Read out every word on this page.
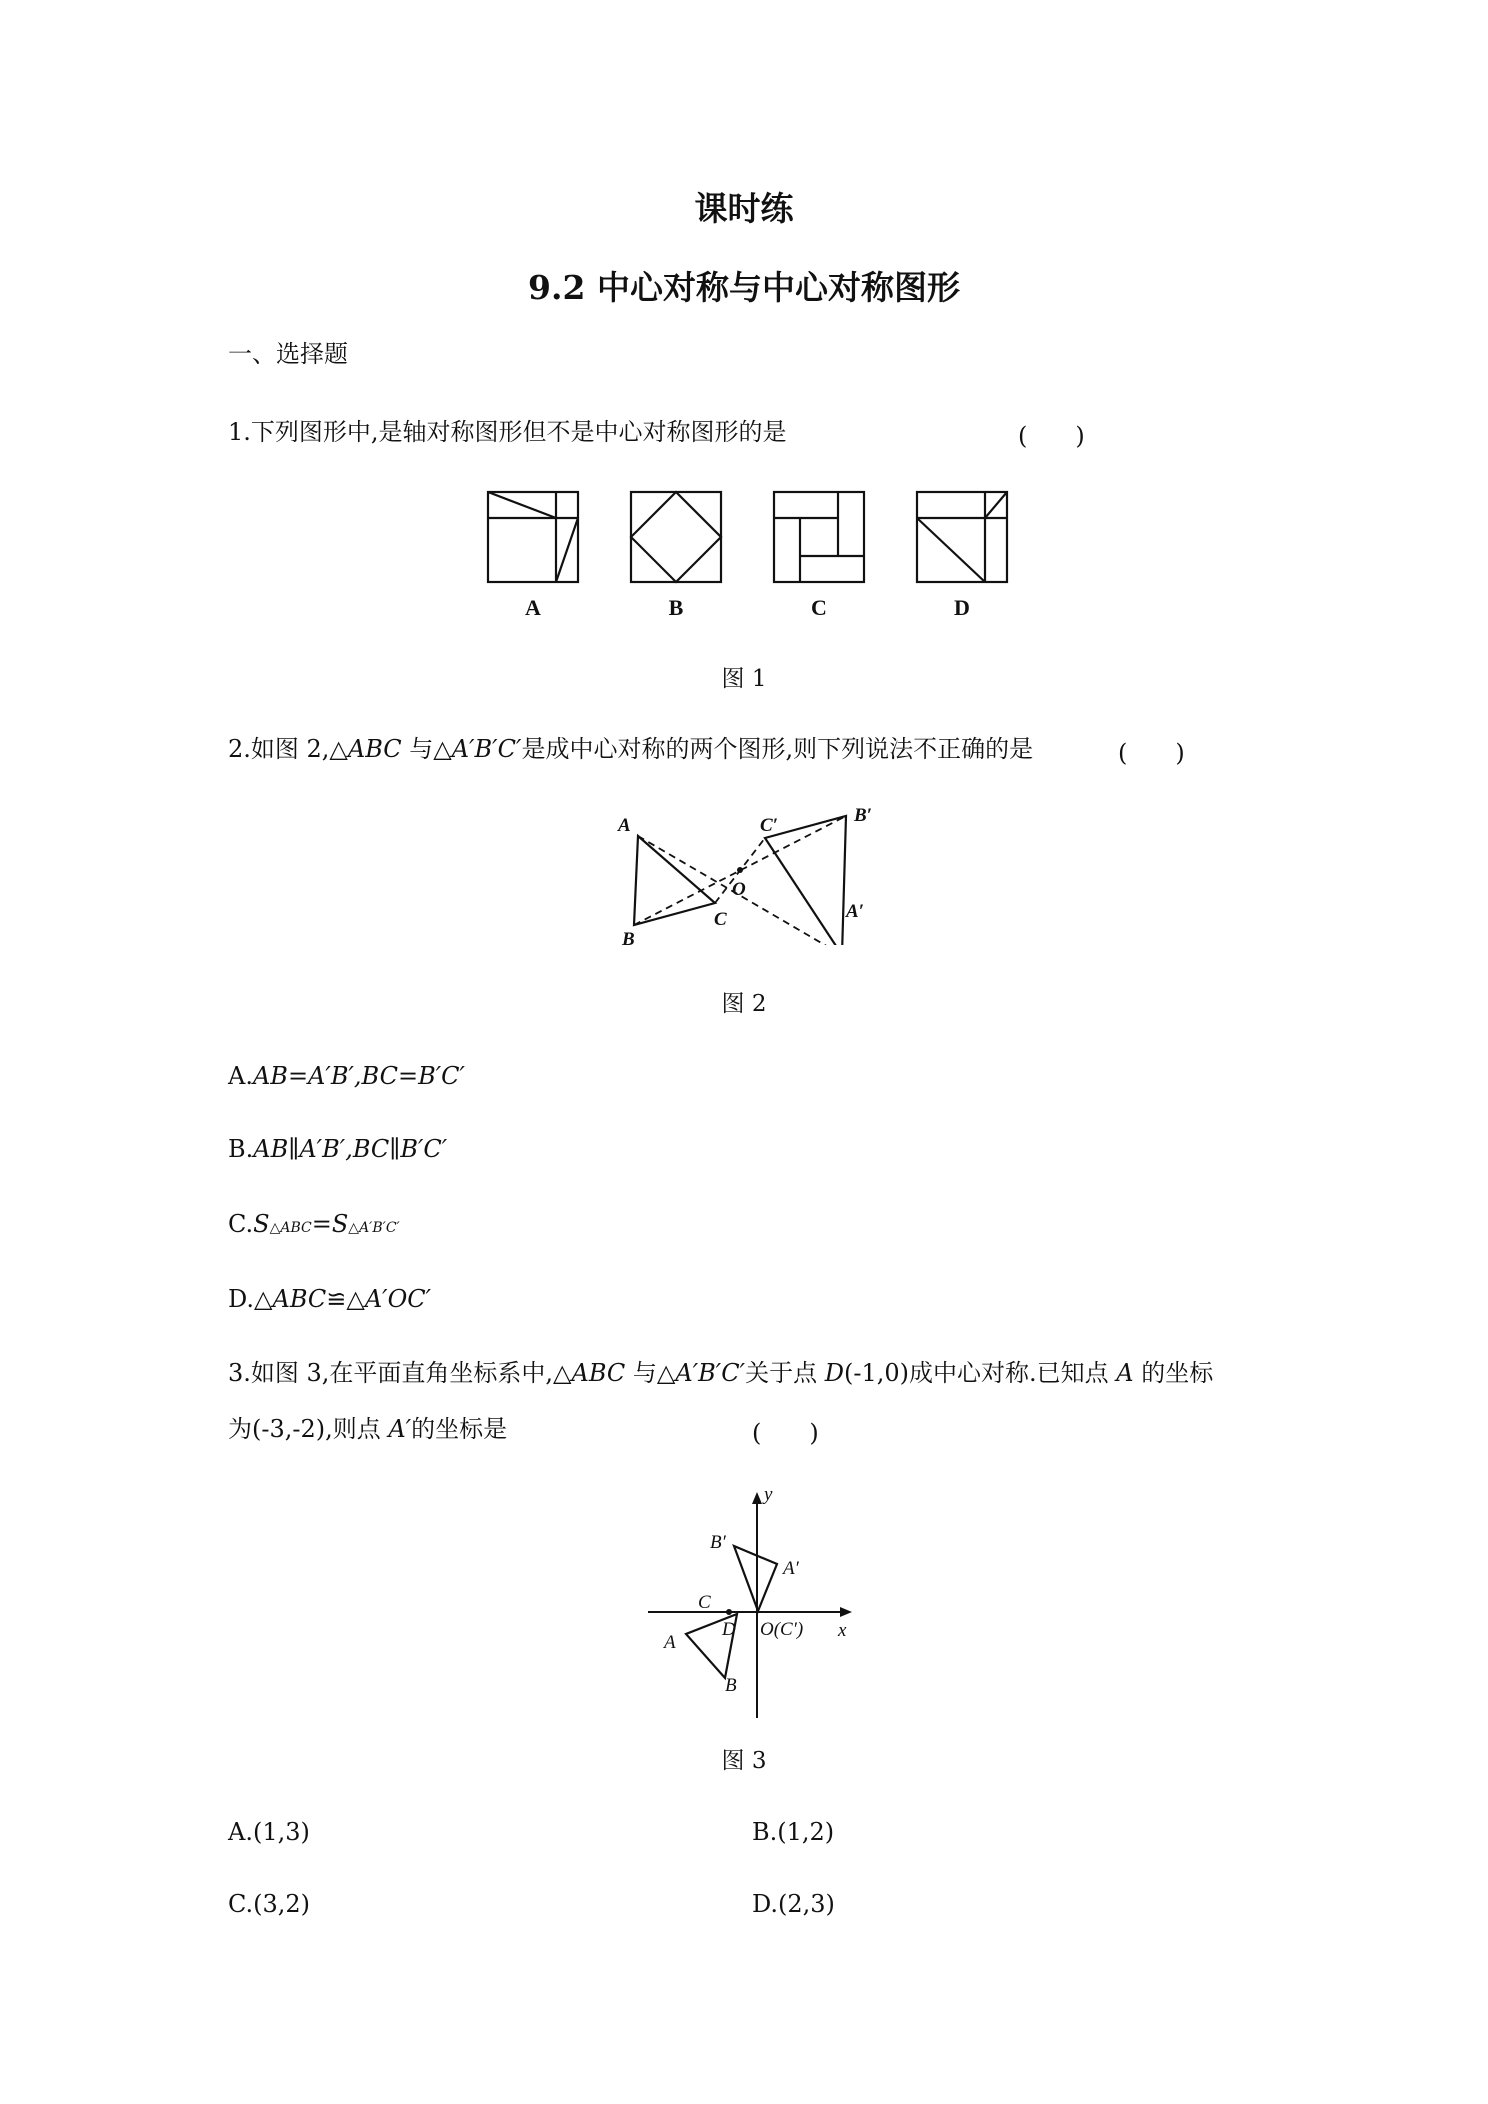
课时练
9.2 中心对称与中心对称图形
一、选择题
1.下列图形中,是轴对称图形但不是中心对称图形的是	(　　)
A	B	C	D
图 1
2.如图 2,△ABC 与△A′B′C′是成中心对称的两个图形,则下列说法不正确的是	(　　)
A
B
C
O
A′
B′
C′
图 2
A.AB=A′B′,BC=B′C′
B.AB∥A′B′,BC∥B′C′
C.S△ABC=S△A′B′C′
D.△ABC≌△A′OC′
3.如图 3,在平面直角坐标系中,△ABC 与△A′B′C′关于点 D(-1,0)成中心对称.已知点 A 的坐标
为(-3,-2),则点 A′的坐标是	(　　)
y
x
B′
A′
C
D O(C′)
A
B
图 3
A.(1,3)	B.(1,2)
C.(3,2)	D.(2,3)
